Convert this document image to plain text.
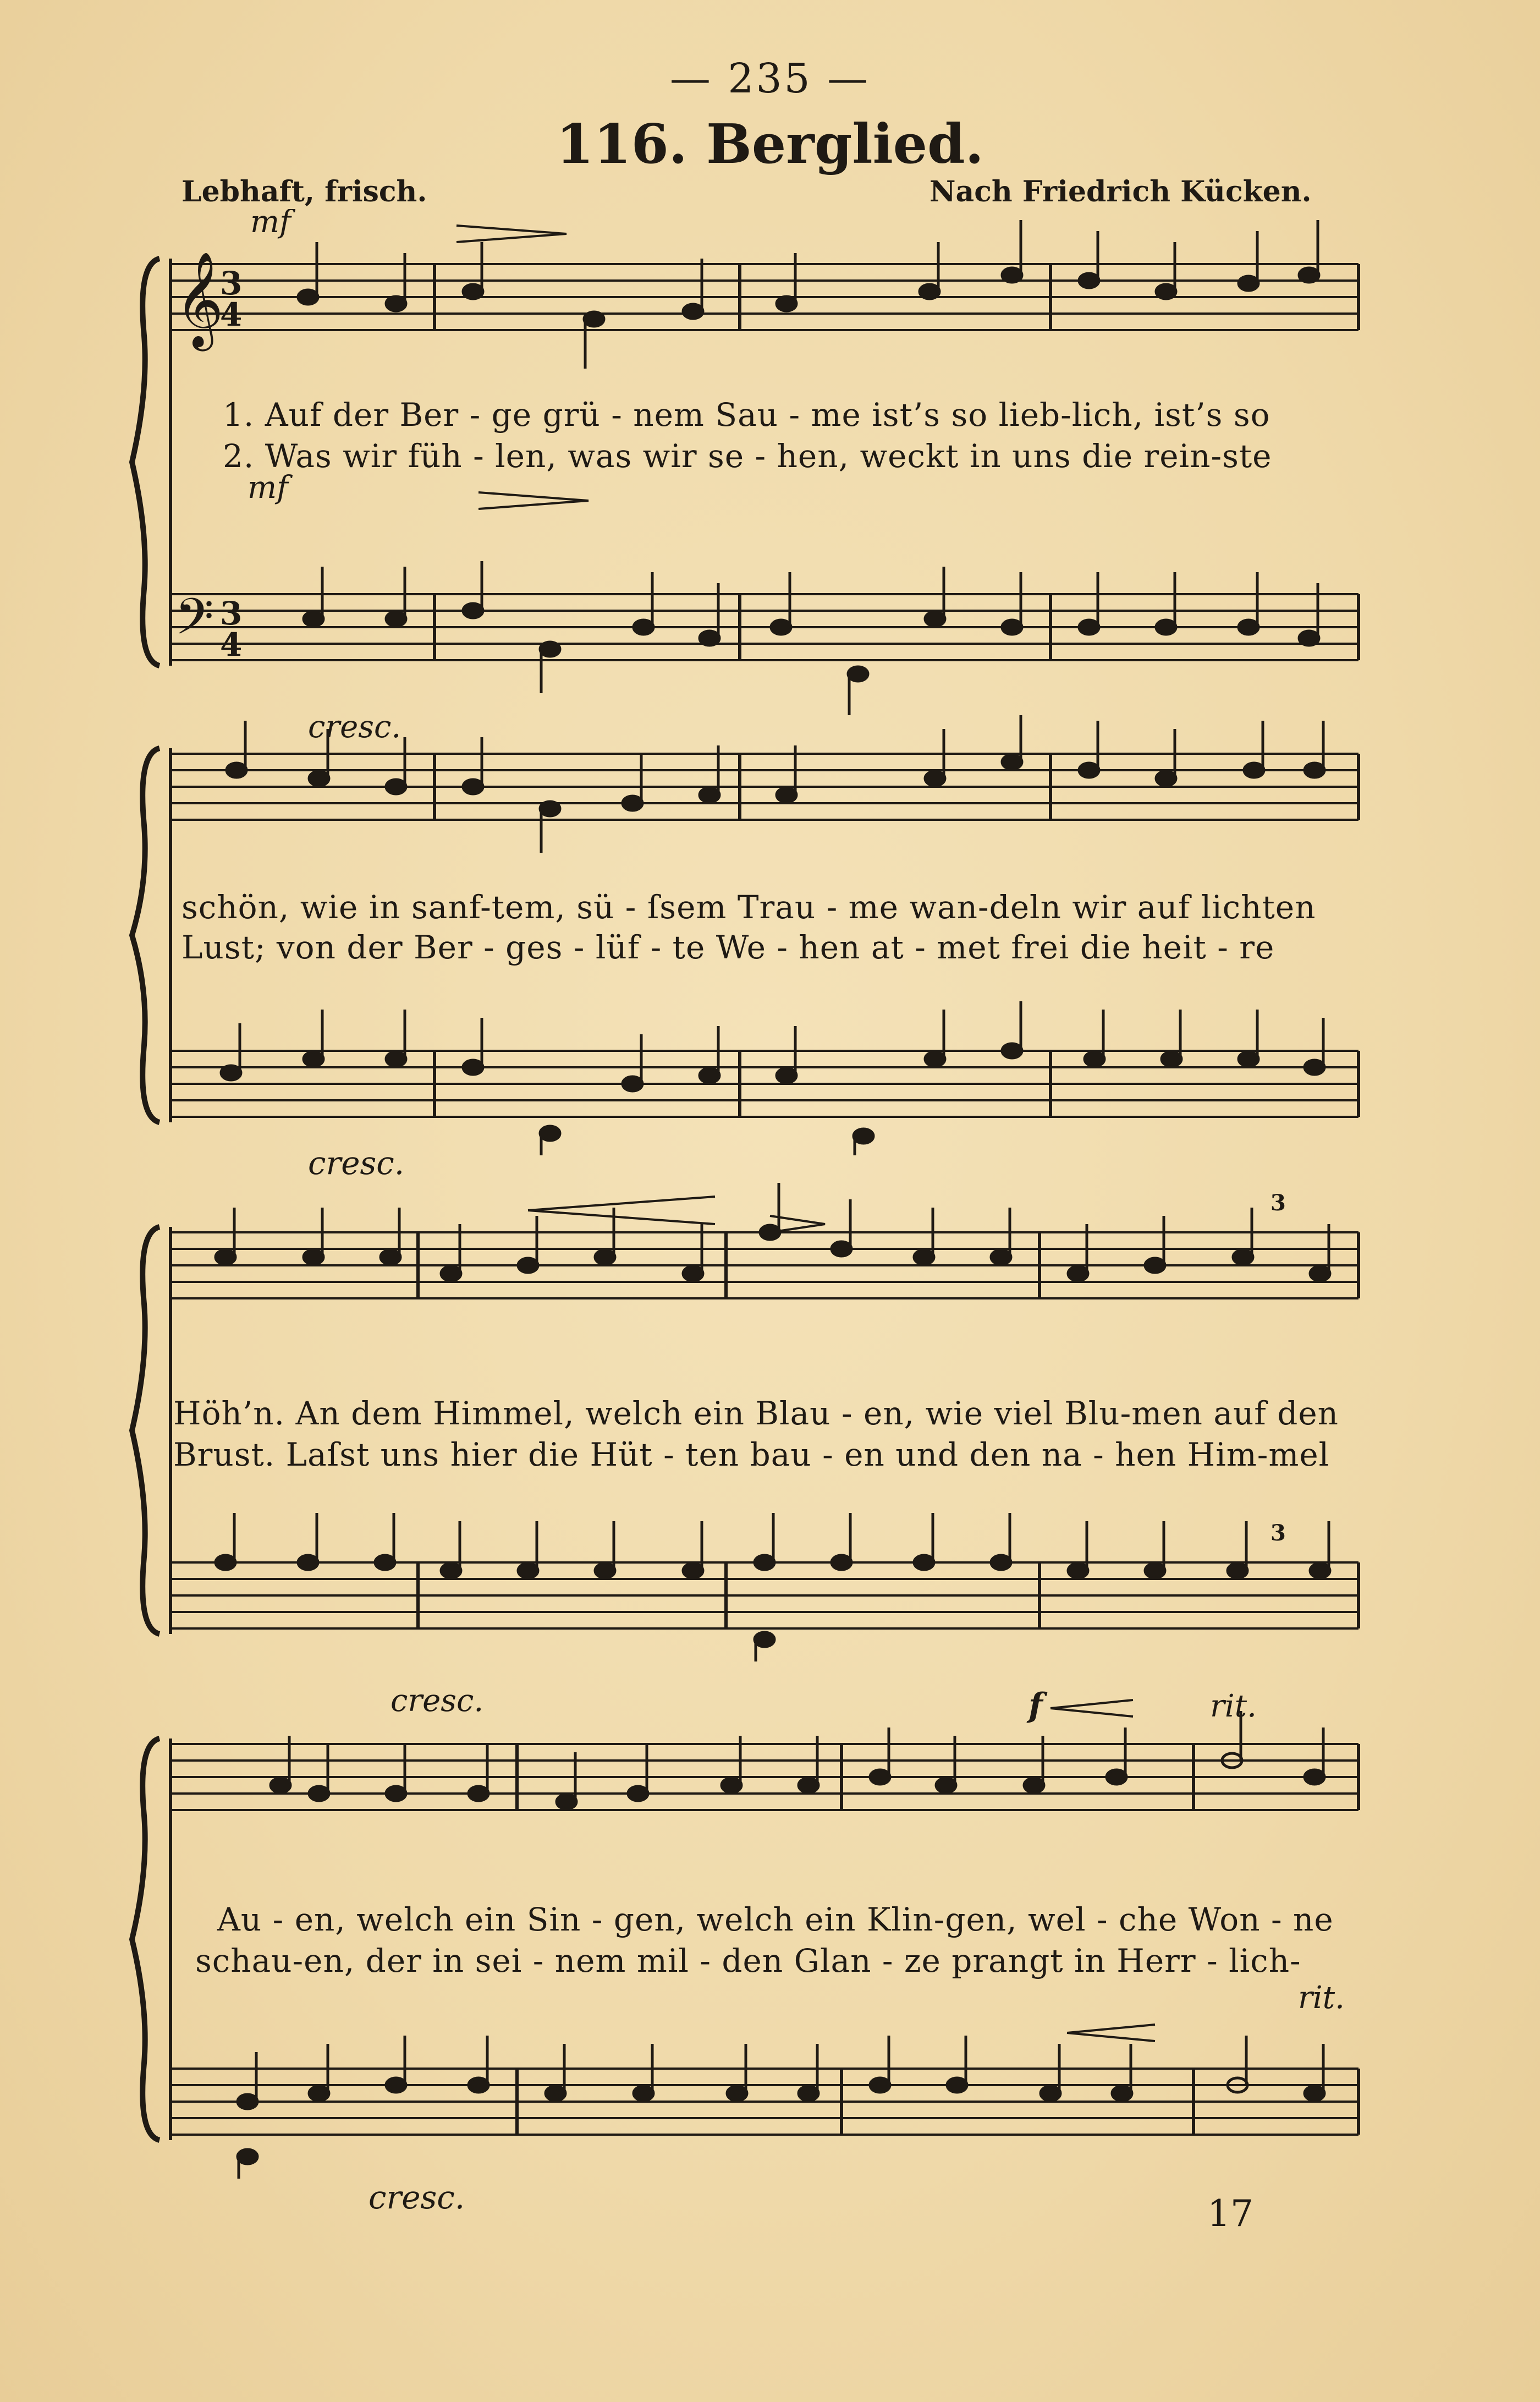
— 235 —
116. Berglied.
Lebhaft, frisch.	Nach Friedrich Kücken.
𝄞
𝄢
3
4
3
4
mf
mf
1. Auf der Ber - ge grü - nem Sau - me ist’s so lieb-lich, ist’s so
2. Was wir füh - len, was wir se - hen, weckt in uns die rein-ste
cresc.
schön, wie in sanf-tem, sü - ſsem Trau - me wan-deln wir auf lichten
Lust; von der Ber - ges - lüf - te We - hen at - met frei die heit - re
cresc.
3
3
Höh’n. An dem Himmel, welch ein Blau - en, wie viel Blu-men auf den
Brust. Laſst uns hier die Hüt - ten bau - en und den na - hen Him-mel
cresc.	f	rit.
rit.
Au - en, welch ein Sin - gen, welch ein Klin-gen, wel - che Won - ne
schau-en, der in sei - nem mil - den Glan - ze prangt in Herr - lich-
cresc.	17
